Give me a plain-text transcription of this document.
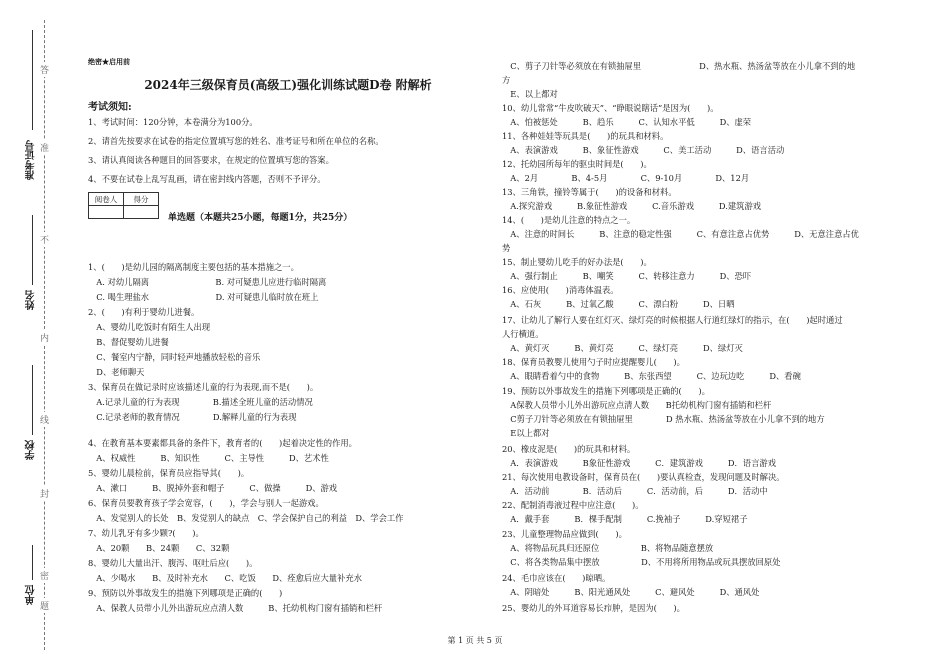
准考证号
姓名
学校
单位
答
准
不
内
线
封
密
题
绝密★启用前
2024年三级保育员(高级工)强化训练试题D卷 附解析
考试须知:
1、考试时间：120分钟，本卷满分为100分。
2、请首先按要求在试卷的指定位置填写您的姓名、准考证号和所在单位的名称。
3、请认真阅读各种题目的回答要求，在规定的位置填写您的答案。
4、不要在试卷上乱写乱画，请在密封线内答题，否则不予评分。
阅卷人	得分

单选题（本题共25小题，每题1分，共25分）
1、(　　)是幼儿园的隔离制度主要包括的基本措施之一。
　A. 对幼儿隔离　　　　　　　　B. 对可疑患儿应进行临时隔离
　C. 喝生理盐水　　　　　　　　D. 对可疑患儿临时放在班上
2、(　　)有利于婴幼儿进餐。
　A、婴幼儿吃饭时有陌生人出现
　B、督促婴幼儿进餐
　C、餐室内宁静，同时轻声地播放轻松的音乐
　D、老师聊天
3、保育员在做记录时应该描述儿童的行为表现,而不是(　　)。
　A.记录儿童的行为表现　　　　B.描述全班儿童的活动情况
　C.记录老师的教育情况　　　　D.解释儿童的行为表现
4、在教育基本要素都具备的条件下，教育者的(　　)起着决定性的作用。
　A、权威性　　　B、知识性　　　C、主导性　　　D、艺术性
5、婴幼儿晨检前，保育员应指导其(　　)。
　A、漱口　　　B、脱掉外套和帽子　　　C、做操　　　D、游戏
6、保育员要教育孩子学会宽容，(　　)，学会与别人一起游戏。
　A、发觉别人的长处　B、发觉别人的缺点　C、学会保护自己的利益　D、学会工作
7、幼儿乳牙有多少颗?(　　)。
　A、20颗　　B、24颗　　C、32颗
8、婴幼儿大量出汗、腹泻、呕吐后应(　　)。
　A、少喝水　　B、及时补充水　　C、吃饭　　D、痊愈后应大量补充水
9、预防以外事故发生的措施下列哪项是正确的(　　)
　A、保教人员带小儿外出游玩应点清人数　　　B、托幼机构门窗有插销和栏杆
　C、剪子刀针等必须放在有锁抽屉里　　　　　　　D、热水瓶、热汤盆等放在小儿拿不到的地
方
　E、以上都对
10、幼儿常常“牛皮吹破天”、“睁眼说瞎话”是因为(　　)。
　A、怕被惩处　　　B、趋乐　　　C、认知水平低　　　D、虚荣
11、各种娃娃等玩具是(　　)的玩具和材料。
　A、表演游戏　　　B、象征性游戏　　　C、美工活动　　　D、语言活动
12、托幼园所每年的驱虫时间是(　　)。
　A、2月　　　　B、4-5月　　　　C、9-10月　　　　D、12月
13、三角铁，撞铃等属于(　　)的设备和材料。
　A.探究游戏　　　B.象征性游戏　　　C.音乐游戏　　　D.建筑游戏
14、(　　)是幼儿注意的特点之一。
　A、注意的时间长　　　B、注意的稳定性强　　　C、有意注意占优势　　　D、无意注意占优
势
15、制止婴幼儿吃手的好办法是(　　)。
　A、强行制止　　　B、嘲笑　　　C、转移注意力　　　D、恐吓
16、应使用(　　)消毒体温表。
　A、石灰　　　B、过氧乙酸　　　C、漂白粉　　　D、日晒
17、让幼儿了解行人要在红灯灭、绿灯亮的时候根据人行道红绿灯的指示，在(　　)起时通过
人行横道。
　A、黄灯灭　　　B、黄灯亮　　　C、绿灯亮　　　D、绿灯灭
18、保育员教婴儿使用勺子时应提醒婴儿(　　)。
　A、眼睛看着勺中的食物　　　B、东张西望　　　C、边玩边吃　　　D、看碗
19、预防以外事故发生的措施下列哪项是正确的(　　)。
　A保教人员带小儿外出游玩应点清人数　　B托幼机构门窗有插销和栏杆
　C剪子刀针等必须放在有锁抽屉里　　　　D 热水瓶、热汤盆等放在小儿拿不到的地方
　E以上都对
20、橡皮泥是(　　)的玩具和材料。
　A．表演游戏　　　B象征性游戏　　　C．建筑游戏　　　D．语言游戏
21、每次使用电教设备时，保育员在(　　)要认真检查，发现问题及时解决。
　A．活动前　　　　B．活动后　　　C．活动前，后　　　D．活动中
22、配制消毒液过程中应注意(　　)。
　A．戴手套　　　B．棵手配制　　　C.挽袖子　　　D.穿短裙子
23、儿童整理物品应做到(　　)。
　A、将物品玩具归还原位　　　　　B、将物品随意摆放
　C、将各类物品集中摆放　　　　　D、不用将所用物品或玩具摆放回原处
24、毛巾应该在(　　)晾晒。
　A、阴暗处　　　B、阳光通风处　　　C、避风处　　　D、通风处
25、婴幼儿的外耳道容易长疖肿，是因为(　　)。
第 1 页 共 5 页
